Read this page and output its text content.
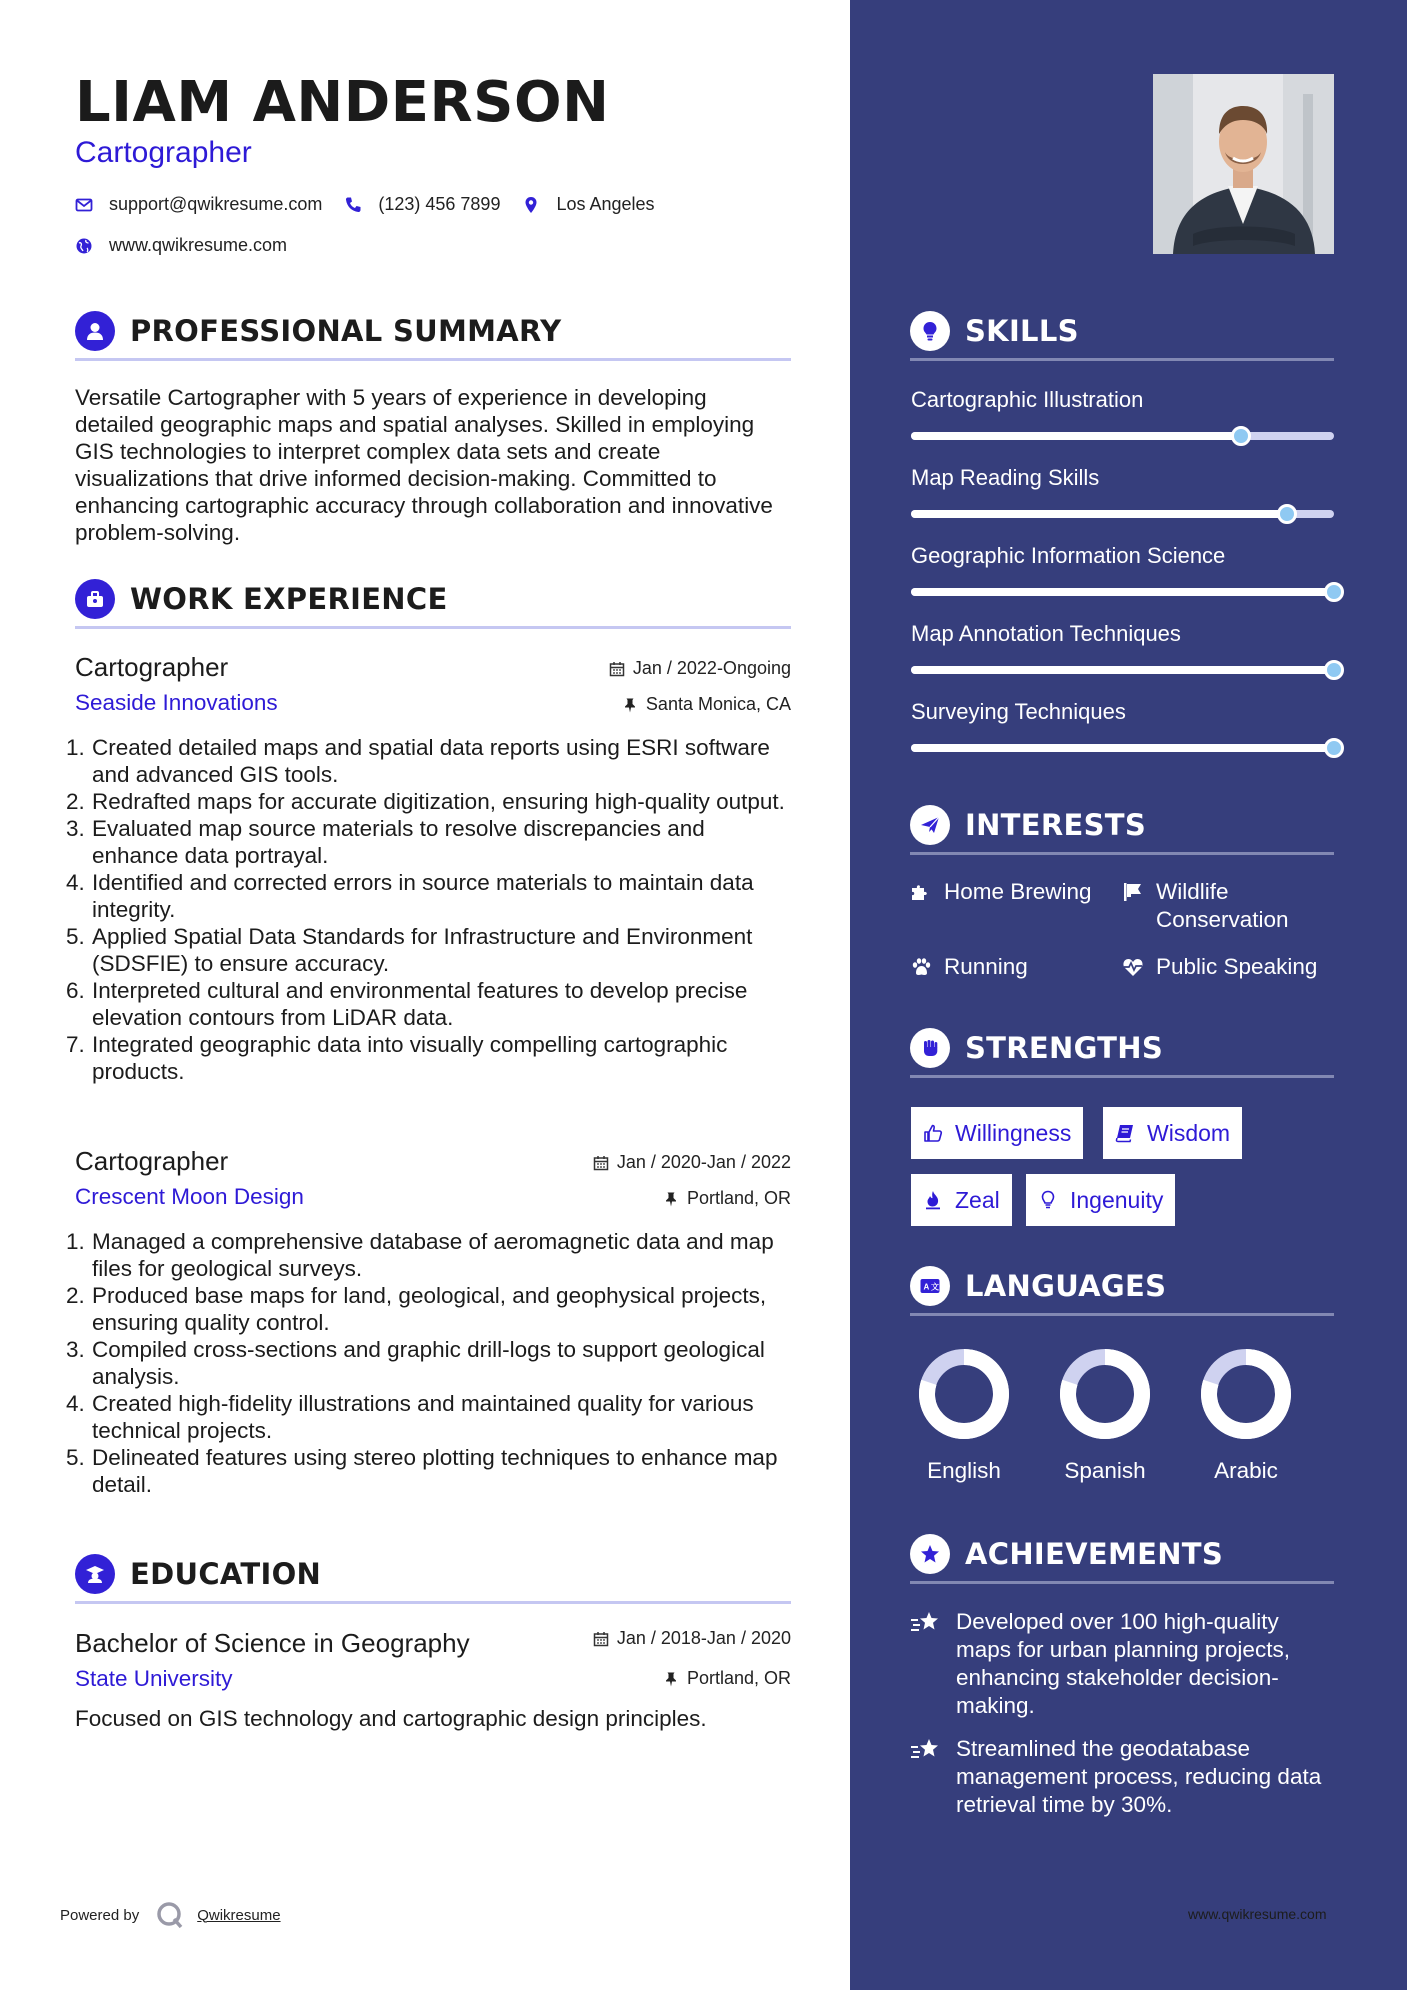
LIAM ANDERSON
Cartographer
support@qwikresume.com	(123) 456 7899	Los Angeles
www.qwikresume.com
PROFESSIONAL SUMMARY
Versatile Cartographer with 5 years of experience in developing detailed geographic maps and spatial analyses. Skilled in employing GIS technologies to interpret complex data sets and create visualizations that drive informed decision-making. Committed to enhancing cartographic accuracy through collaboration and innovative problem-solving.
WORK EXPERIENCE
Cartographer	Jan / 2022-Ongoing
Seaside Innovations	Santa Monica, CA
1. Created detailed maps and spatial data reports using ESRI software and advanced GIS tools.
2. Redrafted maps for accurate digitization, ensuring high-quality output.
3. Evaluated map source materials to resolve discrepancies and enhance data portrayal.
4. Identified and corrected errors in source materials to maintain data integrity.
5. Applied Spatial Data Standards for Infrastructure and Environment (SDSFIE) to ensure accuracy.
6. Interpreted cultural and environmental features to develop precise elevation contours from LiDAR data.
7. Integrated geographic data into visually compelling cartographic products.
Cartographer	Jan / 2020-Jan / 2022
Crescent Moon Design	Portland, OR
1. Managed a comprehensive database of aeromagnetic data and map files for geological surveys.
2. Produced base maps for land, geological, and geophysical projects, ensuring quality control.
3. Compiled cross-sections and graphic drill-logs to support geological analysis.
4. Created high-fidelity illustrations and maintained quality for various technical projects.
5. Delineated features using stereo plotting techniques to enhance map detail.
EDUCATION
Bachelor of Science in Geography	Jan / 2018-Jan / 2020
State University	Portland, OR
Focused on GIS technology and cartographic design principles.
Powered by	Qwikresume
SKILLS
Cartographic Illustration
Map Reading Skills
Geographic Information Science
Map Annotation Techniques
Surveying Techniques
INTERESTS
Home Brewing	Wildlife Conservation
Running	Public Speaking
STRENGTHS
Willingness	Wisdom
Zeal	Ingenuity
A 文 LANGUAGES
English	Spanish	Arabic
ACHIEVEMENTS
Developed over 100 high-quality maps for urban planning projects, enhancing stakeholder decision-making.
Streamlined the geodatabase management process, reducing data retrieval time by 30%.
www.qwikresume.com
